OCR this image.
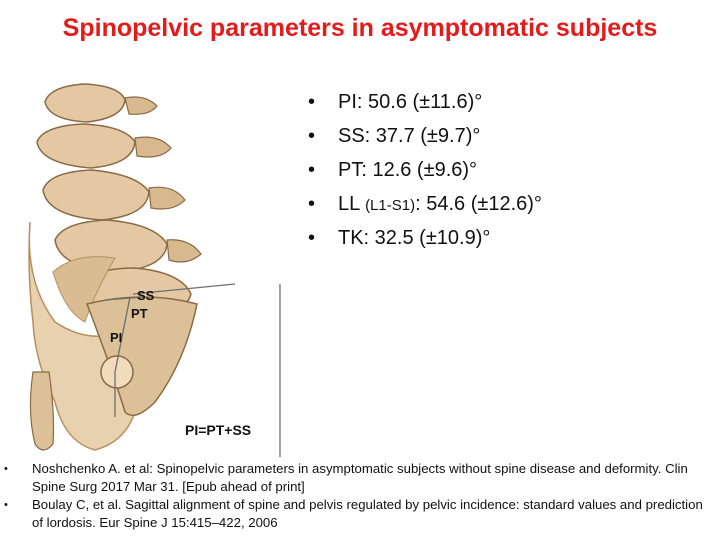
Spinopelvic parameters in asymptomatic subjects
SS
PT
PI
PI=PT+SS
• PI: 50.6 (±11.6)°
• SS: 37.7 (±9.7)°
• PT: 12.6 (±9.6)°
• LL (L1-S1): 54.6 (±12.6)°
• TK: 32.5 (±10.9)°
• Noshchenko A. et al: Spinopelvic parameters in asymptomatic subjects without spine disease and deformity. Clin Spine Surg 2017 Mar 31. [Epub ahead of print]
• Boulay C, et al. Sagittal alignment of spine and pelvis regulated by pelvic incidence: standard values and prediction of lordosis. Eur Spine J 15:415–422, 2006
